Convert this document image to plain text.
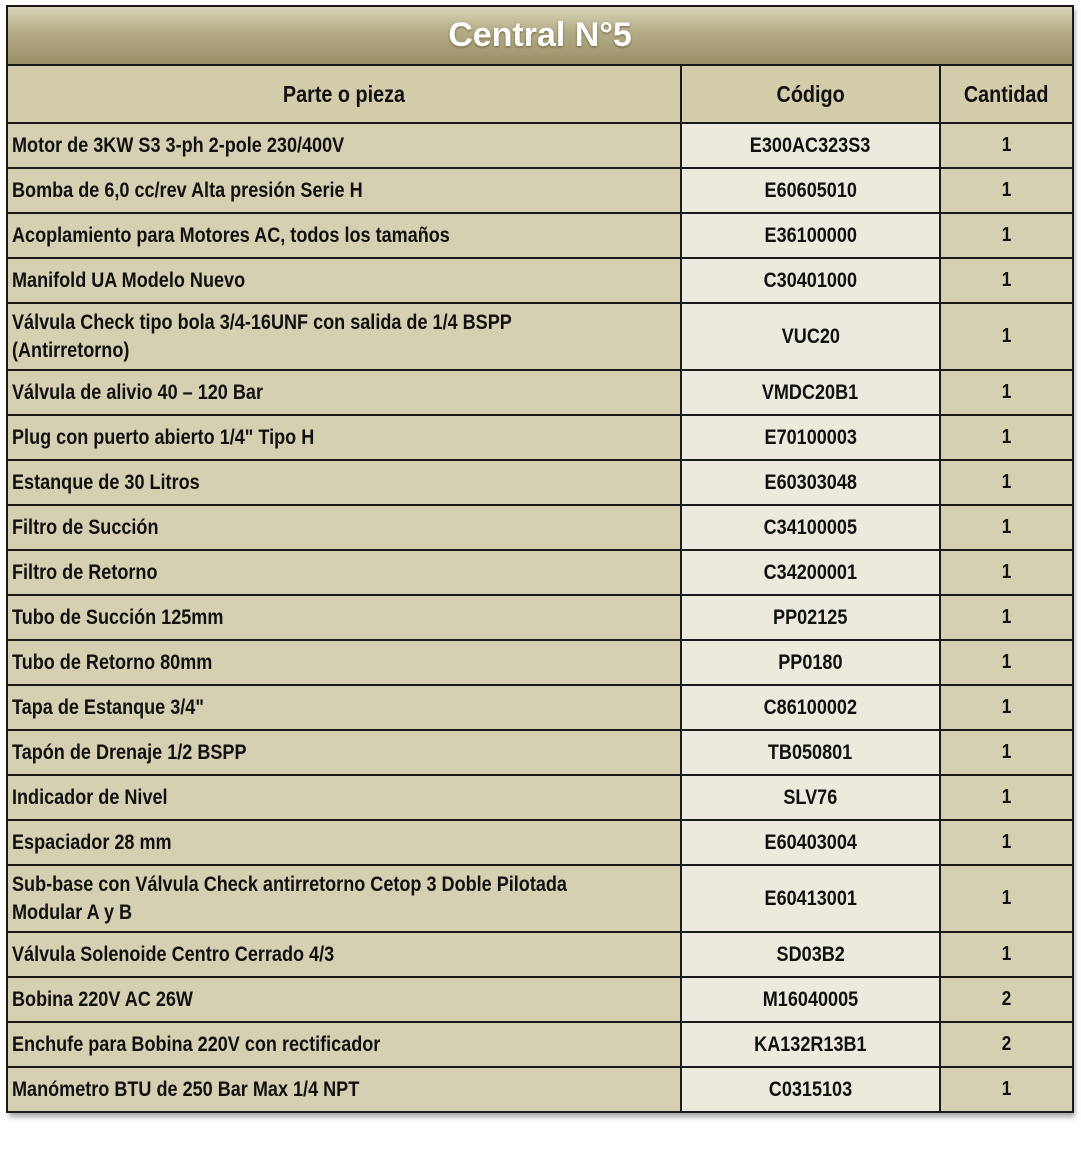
Central N°5		
Parte o pieza	Código	Cantidad
Motor de 3KW S3 3-ph 2-pole 230/400V	E300AC323S3	1
Bomba de 6,0 cc/rev Alta presión Serie H	E60605010	1
Acoplamiento para Motores AC, todos los tamaños	E36100000	1
Manifold UA Modelo Nuevo	C30401000	1
Válvula Check tipo bola 3/4-16UNF con salida de 1/4 BSPP (Antirretorno)	VUC20	1
Válvula de alivio 40 – 120 Bar	VMDC20B1	1
Plug con puerto abierto 1/4" Tipo H	E70100003	1
Estanque de 30 Litros	E60303048	1
Filtro de Succión	C34100005	1
Filtro de Retorno	C34200001	1
Tubo de Succión 125mm	PP02125	1
Tubo de Retorno 80mm	PP0180	1
Tapa de Estanque 3/4"	C86100002	1
Tapón de Drenaje 1/2 BSPP	TB050801	1
Indicador de Nivel	SLV76	1
Espaciador 28 mm	E60403004	1
Sub-base con Válvula Check antirretorno Cetop 3 Doble Pilotada Modular A y B	E60413001	1
Válvula Solenoide Centro Cerrado 4/3	SD03B2	1
Bobina 220V AC 26W	M16040005	2
Enchufe para Bobina 220V con rectificador	KA132R13B1	2
Manómetro BTU de 250 Bar Max 1/4 NPT	C0315103	1
